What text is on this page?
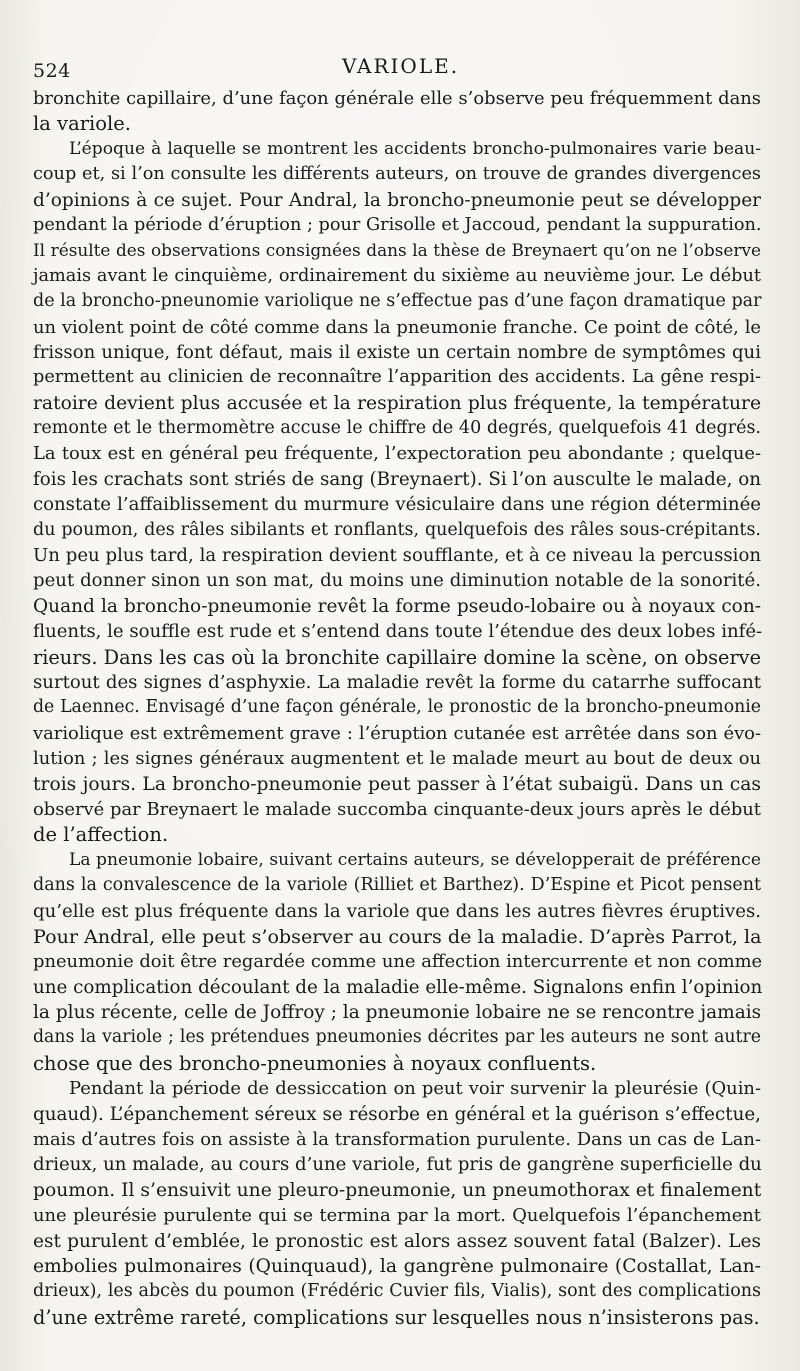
524	VARIOLE.
bronchite capillaire, d’une façon générale elle s’observe peu fréquemment dans
la variole.
L’époque à laquelle se montrent les accidents broncho-pulmonaires varie beau-
coup et, si l’on consulte les différents auteurs, on trouve de grandes divergences
d’opinions à ce sujet. Pour Andral, la broncho-pneumonie peut se développer
pendant la période d’éruption ; pour Grisolle et Jaccoud, pendant la suppuration.
Il résulte des observations consignées dans la thèse de Breynaert qu’on ne l’observe
jamais avant le cinquième, ordinairement du sixième au neuvième jour. Le début
de la broncho-pneunomie variolique ne s’effectue pas d’une façon dramatique par
un violent point de côté comme dans la pneumonie franche. Ce point de côté, le
frisson unique, font défaut, mais il existe un certain nombre de symptômes qui
permettent au clinicien de reconnaître l’apparition des accidents. La gêne respi-
ratoire devient plus accusée et la respiration plus fréquente, la température
remonte et le thermomètre accuse le chiffre de 40 degrés, quelquefois 41 degrés.
La toux est en général peu fréquente, l’expectoration peu abondante ; quelque-
fois les crachats sont striés de sang (Breynaert). Si l’on ausculte le malade, on
constate l’affaiblissement du murmure vésiculaire dans une région déterminée
du poumon, des râles sibilants et ronflants, quelquefois des râles sous-crépitants.
Un peu plus tard, la respiration devient soufflante, et à ce niveau la percussion
peut donner sinon un son mat, du moins une diminution notable de la sonorité.
Quand la broncho-pneumonie revêt la forme pseudo-lobaire ou à noyaux con-
fluents, le souffle est rude et s’entend dans toute l’étendue des deux lobes infé-
rieurs. Dans les cas où la bronchite capillaire domine la scène, on observe
surtout des signes d’asphyxie. La maladie revêt la forme du catarrhe suffocant
de Laennec. Envisagé d’une façon générale, le pronostic de la broncho-pneumonie
variolique est extrêmement grave : l’éruption cutanée est arrêtée dans son évo-
lution ; les signes généraux augmentent et le malade meurt au bout de deux ou
trois jours. La broncho-pneumonie peut passer à l’état subaigü. Dans un cas
observé par Breynaert le malade succomba cinquante-deux jours après le début
de l’affection.
La pneumonie lobaire, suivant certains auteurs, se développerait de préférence
dans la convalescence de la variole (Rilliet et Barthez). D’Espine et Picot pensent
qu’elle est plus fréquente dans la variole que dans les autres fièvres éruptives.
Pour Andral, elle peut s’observer au cours de la maladie. D’après Parrot, la
pneumonie doit être regardée comme une affection intercurrente et non comme
une complication découlant de la maladie elle-même. Signalons enfin l’opinion
la plus récente, celle de Joffroy ; la pneumonie lobaire ne se rencontre jamais
dans la variole ; les prétendues pneumonies décrites par les auteurs ne sont autre
chose que des broncho-pneumonies à noyaux confluents.
Pendant la période de dessiccation on peut voir survenir la pleurésie (Quin-
quaud). L’épanchement séreux se résorbe en général et la guérison s’effectue,
mais d’autres fois on assiste à la transformation purulente. Dans un cas de Lan-
drieux, un malade, au cours d’une variole, fut pris de gangrène superficielle du
poumon. Il s’ensuivit une pleuro-pneumonie, un pneumothorax et finalement
une pleurésie purulente qui se termina par la mort. Quelquefois l’épanchement
est purulent d’emblée, le pronostic est alors assez souvent fatal (Balzer). Les
embolies pulmonaires (Quinquaud), la gangrène pulmonaire (Costallat, Lan-
drieux), les abcès du poumon (Frédéric Cuvier fils, Vialis), sont des complications
d’une extrême rareté, complications sur lesquelles nous n’insisterons pas.
